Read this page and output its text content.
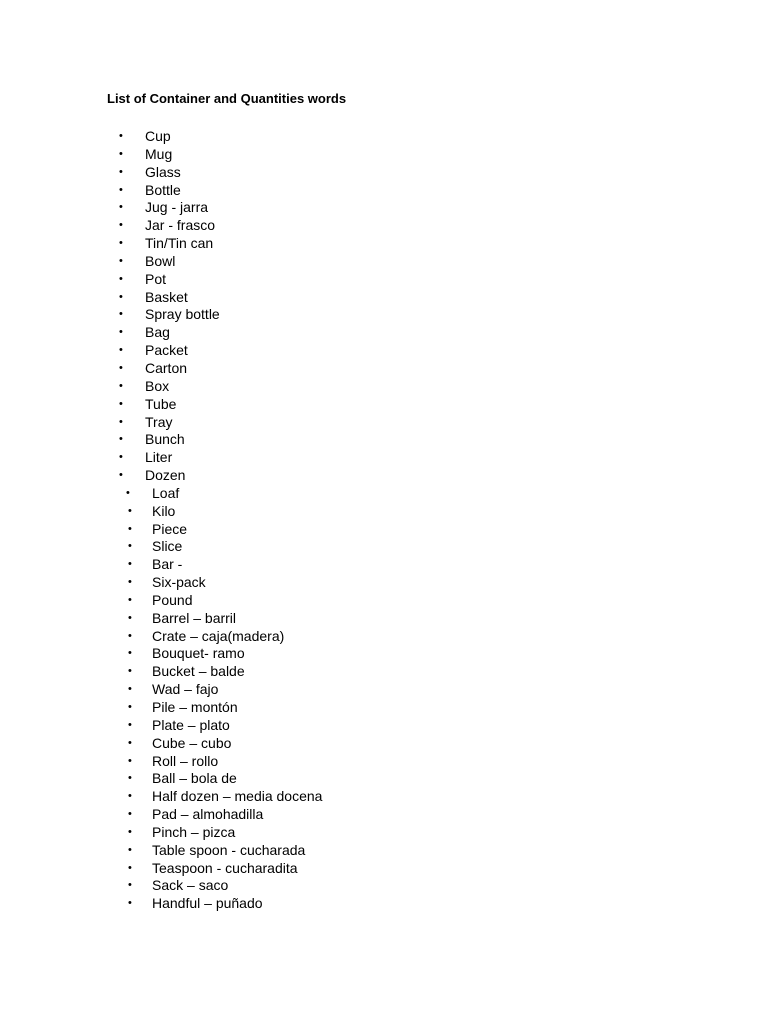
List of Container and Quantities words
• Cup
• Mug
• Glass
• Bottle
• Jug - jarra
• Jar - frasco
• Tin/Tin can
• Bowl
• Pot
• Basket
• Spray bottle
• Bag
• Packet
• Carton
• Box
• Tube
• Tray
• Bunch
• Liter
• Dozen
• Loaf
• Kilo
• Piece
• Slice
• Bar -
• Six-pack
• Pound
• Barrel – barril
• Crate – caja(madera)
• Bouquet- ramo
• Bucket – balde
• Wad – fajo
• Pile – montón
• Plate – plato
• Cube – cubo
• Roll – rollo
• Ball – bola de
• Half dozen – media docena
• Pad – almohadilla
• Pinch – pizca
• Table spoon - cucharada
• Teaspoon - cucharadita
• Sack – saco
• Handful – puñado
